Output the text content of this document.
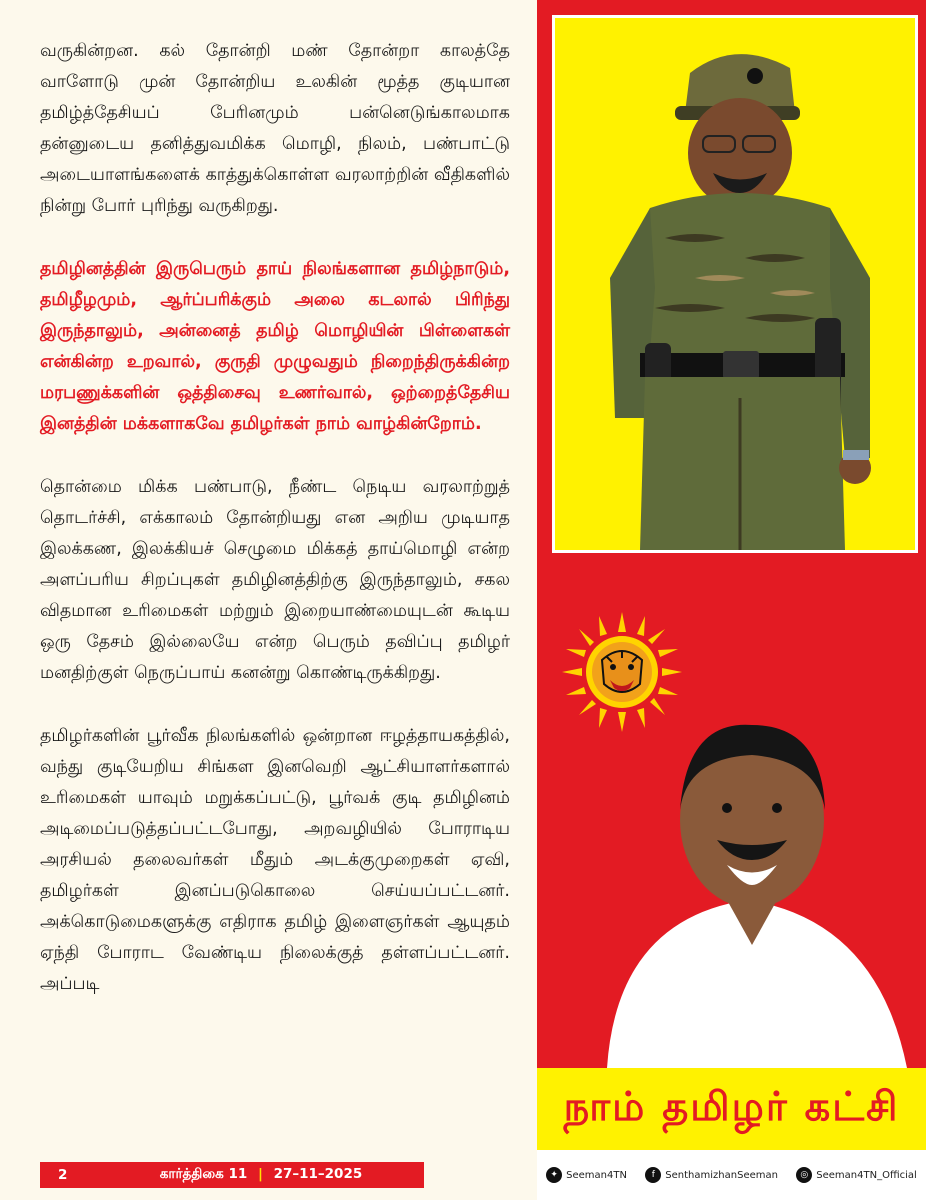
வருகின்றன. கல் தோன்றி மண் தோன்றா காலத்தே வாளோடு முன் தோன்றிய உலகின் மூத்த குடியான தமிழ்த்தேசியப் பேரினமும் பன்னெடுங்காலமாக தன்னுடைய தனித்துவமிக்க மொழி, நிலம், பண்பாட்டு அடையாளங்களைக் காத்துக்கொள்ள வரலாற்றின் வீதிகளில் நின்று போர் புரிந்து வருகிறது.

தமிழினத்தின் இருபெரும் தாய் நிலங்களான தமிழ்நாடும், தமிழீழமும், ஆர்ப்பரிக்கும் அலை கடலால் பிரிந்து இருந்தாலும், அன்னைத் தமிழ் மொழியின் பிள்ளைகள் என்கின்ற உறவால், குருதி முழுவதும் நிறைந்திருக்கின்ற மரபணுக்களின் ஒத்திசைவு உணர்வால், ஒற்றைத்தேசிய இனத்தின் மக்களாகவே தமிழர்கள் நாம் வாழ்கின்றோம்.

தொன்மை மிக்க பண்பாடு, நீண்ட நெடிய வரலாற்றுத் தொடர்ச்சி, எக்காலம் தோன்றியது என அறிய முடியாத இலக்கண, இலக்கியச் செழுமை மிக்கத் தாய்மொழி என்ற அளப்பரிய சிறப்புகள் தமிழினத்திற்கு இருந்தாலும், சகல விதமான உரிமைகள் மற்றும் இறையாண்மையுடன் கூடிய ஒரு தேசம் இல்லையே என்ற பெரும் தவிப்பு தமிழர் மனதிற்குள் நெருப்பாய் கனன்று கொண்டிருக்கிறது.

தமிழர்களின் பூர்வீக நிலங்களில் ஒன்றான ஈழத்தாயகத்தில், வந்து குடியேறிய சிங்கள இனவெறி ஆட்சியாளர்களால் உரிமைகள் யாவும் மறுக்கப்பட்டு, பூர்வக் குடி தமிழினம் அடிமைப்படுத்தப்பட்டபோது, அறவழியில் போராடிய அரசியல் தலைவர்கள் மீதும் அடக்குமுறைகள் ஏவி, தமிழர்கள் இனப்படுகொலை செய்யப்பட்டனர். அக்கொடுமைகளுக்கு எதிராக தமிழ் இளைஞர்கள் ஆயுதம் ஏந்தி போராட வேண்டிய நிலைக்குத் தள்ளப்பட்டனர். அப்படி

2	கார்த்திகை 11 | 27–11–2025
நாம் தமிழர் கட்சி
✦ Seeman4TN	f	SenthamizhanSeeman	◎ Seeman4TN_Official
